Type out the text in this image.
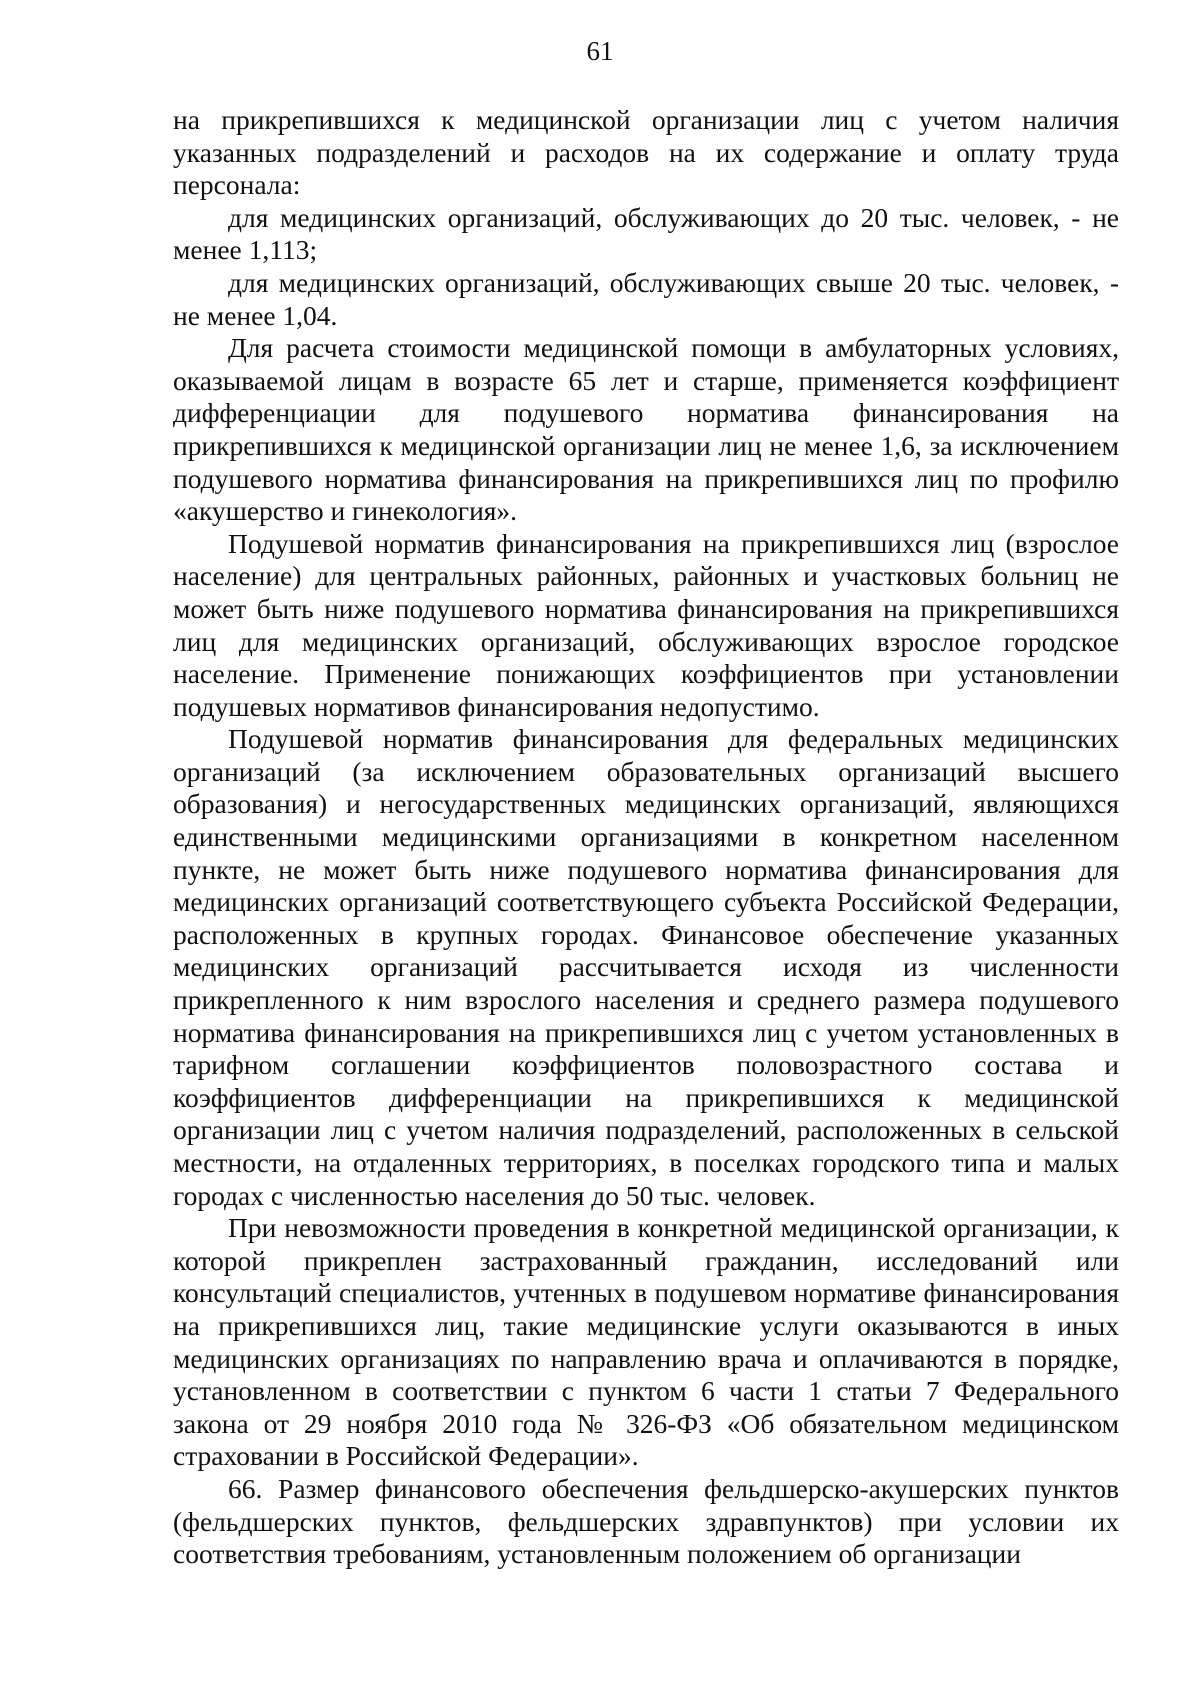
61

на прикрепившихся к медицинской организации лиц с учетом наличия указанных подразделений и расходов на их содержание и оплату труда персонала:

для медицинских организаций, обслуживающих до 20 тыс. человек, - не менее 1,113;

для медицинских организаций, обслуживающих свыше 20 тыс. человек, - не менее 1,04.

Для расчета стоимости медицинской помощи в амбулаторных условиях, оказываемой лицам в возрасте 65 лет и старше, применяется коэффициент дифференциации для подушевого норматива финансирования на прикрепившихся к медицинской организации лиц не менее 1,6, за исключением подушевого норматива финансирования на прикрепившихся лиц по профилю «акушерство и гинекология».

Подушевой норматив финансирования на прикрепившихся лиц (взрослое население) для центральных районных, районных и участковых больниц не может быть ниже подушевого норматива финансирования на прикрепившихся лиц для медицинских организаций, обслуживающих взрослое городское население. Применение понижающих коэффициентов при установлении подушевых нормативов финансирования недопустимо.

Подушевой норматив финансирования для федеральных медицинских организаций (за исключением образовательных организаций высшего образования) и негосударственных медицинских организаций, являющихся единственными медицинскими организациями в конкретном населенном пункте, не может быть ниже подушевого норматива финансирования для медицинских организаций соответствующего субъекта Российской Федерации, расположенных в крупных городах. Финансовое обеспечение указанных медицинских организаций рассчитывается исходя из численности прикрепленного к ним взрослого населения и среднего размера подушевого норматива финансирования на прикрепившихся лиц с учетом установленных в тарифном соглашении коэффициентов половозрастного состава и коэффициентов дифференциации на прикрепившихся к медицинской организации лиц с учетом наличия подразделений, расположенных в сельской местности, на отдаленных территориях, в поселках городского типа и малых городах с численностью населения до 50 тыс. человек.

При невозможности проведения в конкретной медицинской организации, к которой прикреплен застрахованный гражданин, исследований или консультаций специалистов, учтенных в подушевом нормативе финансирования на прикрепившихся лиц, такие медицинские услуги оказываются в иных медицинских организациях по направлению врача и оплачиваются в порядке, установленном в соответствии с пунктом 6 части 1 статьи 7 Федерального закона от 29 ноября 2010 года № 326-ФЗ «Об обязательном медицинском страховании в Российской Федерации».

66. Размер финансового обеспечения фельдшерско-акушерских пунктов (фельдшерских пунктов, фельдшерских здравпунктов) при условии их соответствия требованиям, установленным положением об организации
